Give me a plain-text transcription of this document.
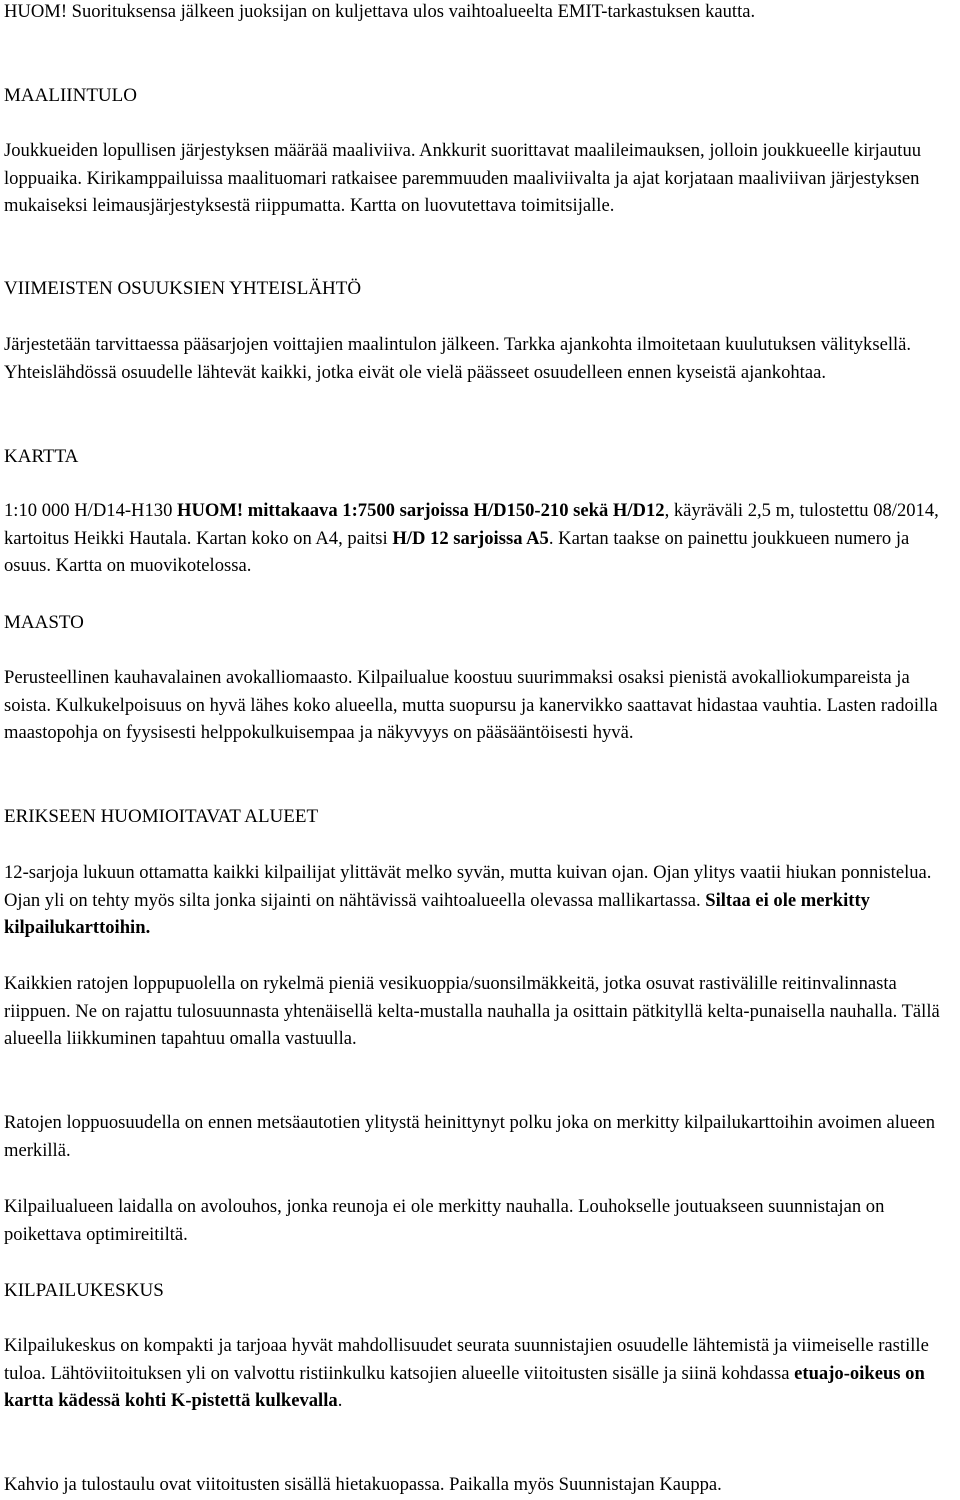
HUOM! Suorituksensa jälkeen juoksijan on kuljettava ulos vaihtoalueelta EMIT-tarkastuksen kautta.

MAALIINTULO

Joukkueiden lopullisen järjestyksen määrää maaliviiva. Ankkurit suorittavat maalileimauksen, jolloin joukkueelle kirjautuu loppuaika. Kirikamppailuissa maalituomari ratkaisee paremmuuden maaliviivalta ja ajat korjataan maaliviivan järjestyksen mukaiseksi leimausjärjestyksestä riippumatta. Kartta on luovutettava toimitsijalle.

VIIMEISTEN OSUUKSIEN YHTEISLÄHTÖ

Järjestetään tarvittaessa pääsarjojen voittajien maalintulon jälkeen. Tarkka ajankohta ilmoitetaan kuulutuksen välityksellä. Yhteislähdössä osuudelle lähtevät kaikki, jotka eivät ole vielä päässeet osuudelleen ennen kyseistä ajankohtaa.

KARTTA

1:10 000 H/D14-H130 HUOM! mittakaava 1:7500 sarjoissa H/D150-210 sekä H/D12, käyräväli 2,5 m, tulostettu 08/2014, kartoitus Heikki Hautala. Kartan koko on A4, paitsi H/D 12 sarjoissa A5. Kartan taakse on painettu joukkueen numero ja osuus. Kartta on muovikotelossa.

MAASTO

Perusteellinen kauhavalainen avokalliomaasto. Kilpailualue koostuu suurimmaksi osaksi pienistä avokalliokumpareista ja soista. Kulkukelpoisuus on hyvä lähes koko alueella, mutta suopursu ja kanervikko saattavat hidastaa vauhtia. Lasten radoilla maastopohja on fyysisesti helppokulkuisempaa ja näkyvyys on pääsääntöisesti hyvä.

ERIKSEEN HUOMIOITAVAT ALUEET

12-sarjoja lukuun ottamatta kaikki kilpailijat ylittävät melko syvän, mutta kuivan ojan. Ojan ylitys vaatii hiukan ponnistelua. Ojan yli on tehty myös silta jonka sijainti on nähtävissä vaihtoalueella olevassa mallikartassa. Siltaa ei ole merkitty kilpailukarttoihin.

Kaikkien ratojen loppupuolella on rykelmä pieniä vesikuoppia/suonsilmäkkeitä, jotka osuvat rastivälille reitinvalinnasta riippuen. Ne on rajattu tulosuunnasta yhtenäisellä kelta-mustalla nauhalla ja osittain pätkityllä kelta-punaisella nauhalla. Tällä alueella liikkuminen tapahtuu omalla vastuulla.

Ratojen loppuosuudella on ennen metsäautotien ylitystä heinittynyt polku joka on merkitty kilpailukarttoihin avoimen alueen merkillä.

Kilpailualueen laidalla on avolouhos, jonka reunoja ei ole merkitty nauhalla. Louhokselle joutuakseen suunnistajan on poikettava optimireitiltä.

KILPAILUKESKUS

Kilpailukeskus on kompakti ja tarjoaa hyvät mahdollisuudet seurata suunnistajien osuudelle lähtemistä ja viimeiselle rastille tuloa. Lähtöviitoituksen yli on valvottu ristiinkulku katsojien alueelle viitoitusten sisälle ja siinä kohdassa etuajo-oikeus on kartta kädessä kohti K-pistettä kulkevalla.

Kahvio ja tulostaulu ovat viitoitusten sisällä hietakuopassa. Paikalla myös Suunnistajan Kauppa.
